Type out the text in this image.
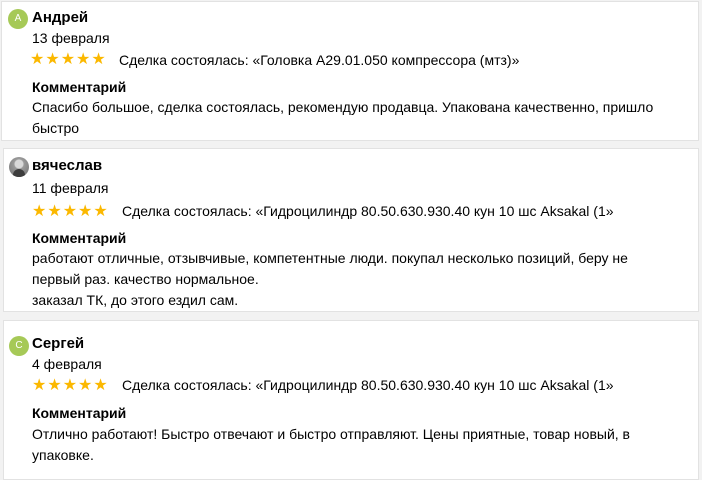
А Андрей
13 февраля
★★★★★ Сделка состоялась: «Головка А29.01.050 компрессора (мтз)»
Комментарий
Спасибо большое, сделка состоялась, рекомендую продавца. Упакована качественно, пришло
быстро
вячеслав
11 февраля
★★★★★ Сделка состоялась: «Гидроцилиндр 80.50.630.930.40 кун 10 шс Aksakal (1»
Комментарий
работают отличные, отзывчивые, компетентные люди. покупал несколько позиций, беру не
первый раз. качество нормальное.
заказал ТК, до этого ездил сам.
С Сергей
4 февраля
★★★★★ Сделка состоялась: «Гидроцилиндр 80.50.630.930.40 кун 10 шс Aksakal (1»
Комментарий
Отлично работают! Быстро отвечают и быстро отправляют. Цены приятные, товар новый, в
упаковке.
